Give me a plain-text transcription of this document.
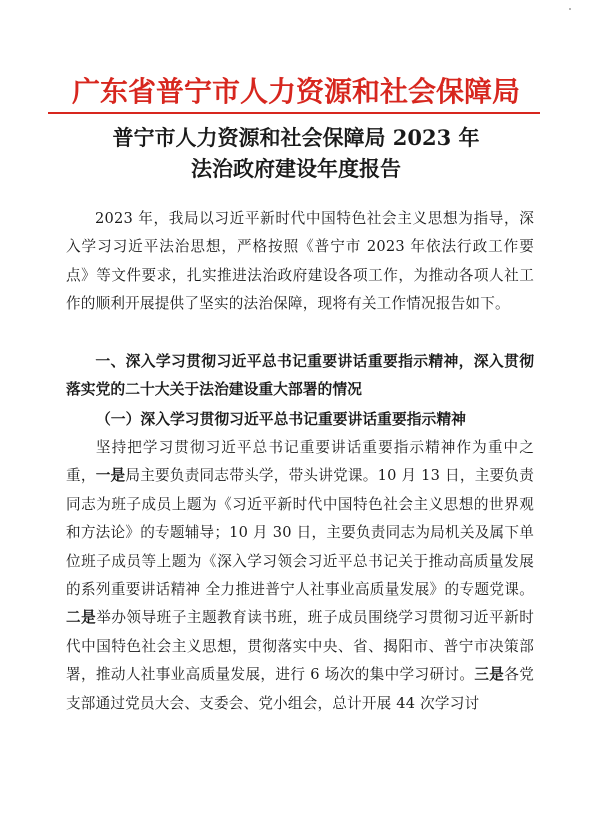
广东省普宁市人力资源和社会保障局
普宁市人力资源和社会保障局 2023 年
法治政府建设年度报告
2023 年，我局以习近平新时代中国特色社会主义思想为指导，深入学习习近平法治思想，严格按照《普宁市 2023 年依法行政工作要点》等文件要求，扎实推进法治政府建设各项工作，为推动各项人社工作的顺利开展提供了坚实的法治保障，现将有关工作情况报告如下。
一、深入学习贯彻习近平总书记重要讲话重要指示精神，深入贯彻落实党的二十大关于法治建设重大部署的情况
（一）深入学习贯彻习近平总书记重要讲话重要指示精神
坚持把学习贯彻习近平总书记重要讲话重要指示精神作为重中之重，一是局主要负责同志带头学，带头讲党课。10 月 13 日，主要负责同志为班子成员上题为《习近平新时代中国特色社会主义思想的世界观和方法论》的专题辅导；10 月 30 日，主要负责同志为局机关及属下单位班子成员等上题为《深入学习领会习近平总书记关于推动高质量发展的系列重要讲话精神 全力推进普宁人社事业高质量发展》的专题党课。二是举办领导班子主题教育读书班，班子成员围绕学习贯彻习近平新时代中国特色社会主义思想，贯彻落实中央、省、揭阳市、普宁市决策部署，推动人社事业高质量发展，进行 6 场次的集中学习研讨。三是各党支部通过党员大会、支委会、党小组会，总计开展 44 次学习讨
